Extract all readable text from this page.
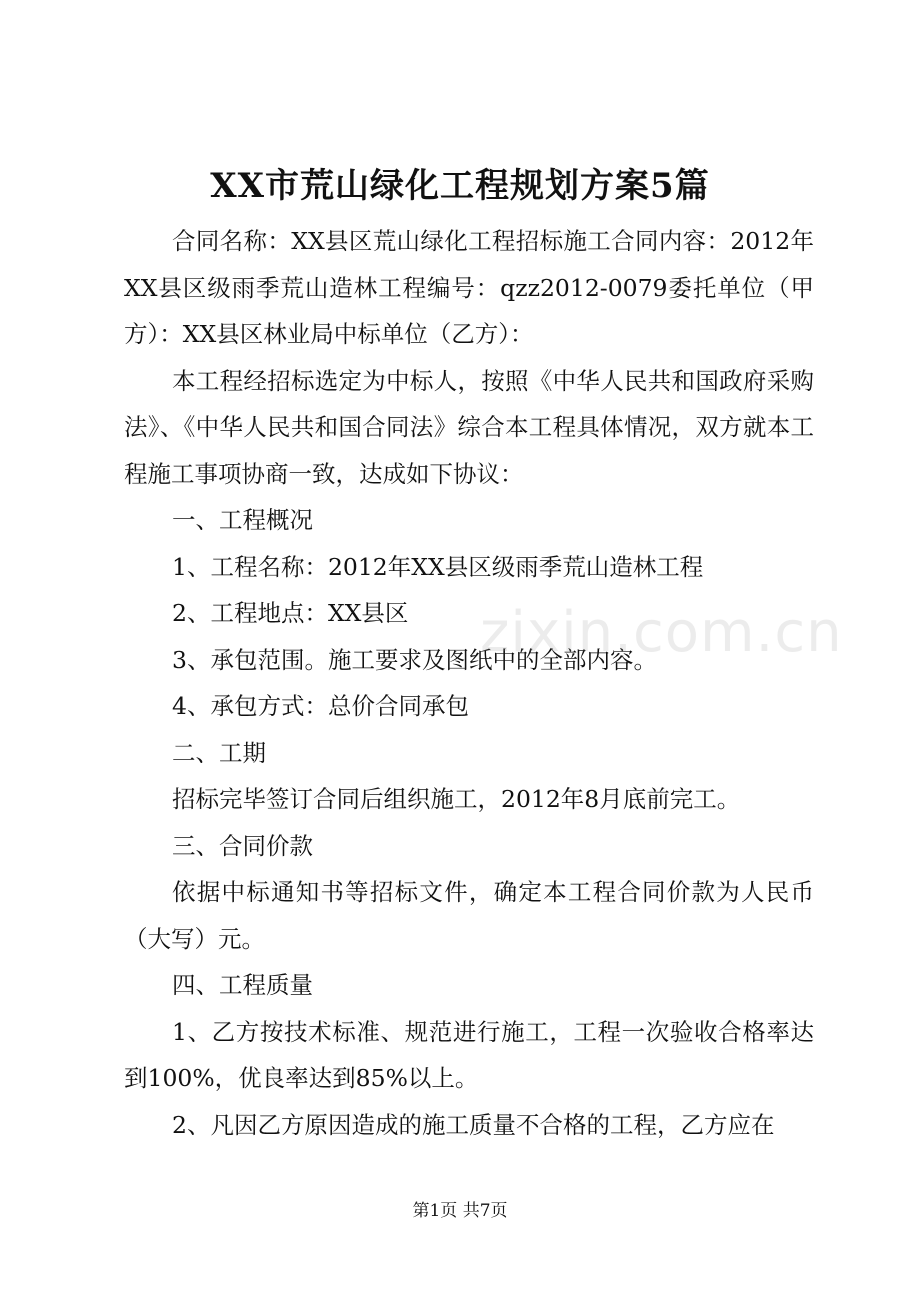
XX市荒山绿化工程规划方案5篇

合同名称：XX县区荒山绿化工程招标施工合同内容：2012年XX县区级雨季荒山造林工程编号：qzz2012-0079委托单位（甲方）：XX县区林业局中标单位（乙方）：

本工程经招标选定为中标人，按照《中华人民共和国政府采购法》、《中华人民共和国合同法》综合本工程具体情况，双方就本工程施工事项协商一致，达成如下协议：

一、工程概况

1、工程名称：2012年XX县区级雨季荒山造林工程

2、工程地点：XX县区

3、承包范围。施工要求及图纸中的全部内容。

4、承包方式：总价合同承包

二、工期

招标完毕签订合同后组织施工，2012年8月底前完工。

三、合同价款

依据中标通知书等招标文件，确定本工程合同价款为人民币（大写）元。

四、工程质量

1、乙方按技术标准、规范进行施工，工程一次验收合格率达到100%，优良率达到85%以上。

2、凡因乙方原因造成的施工质量不合格的工程，乙方应在

zixin.com.cn
第1页 共7页
